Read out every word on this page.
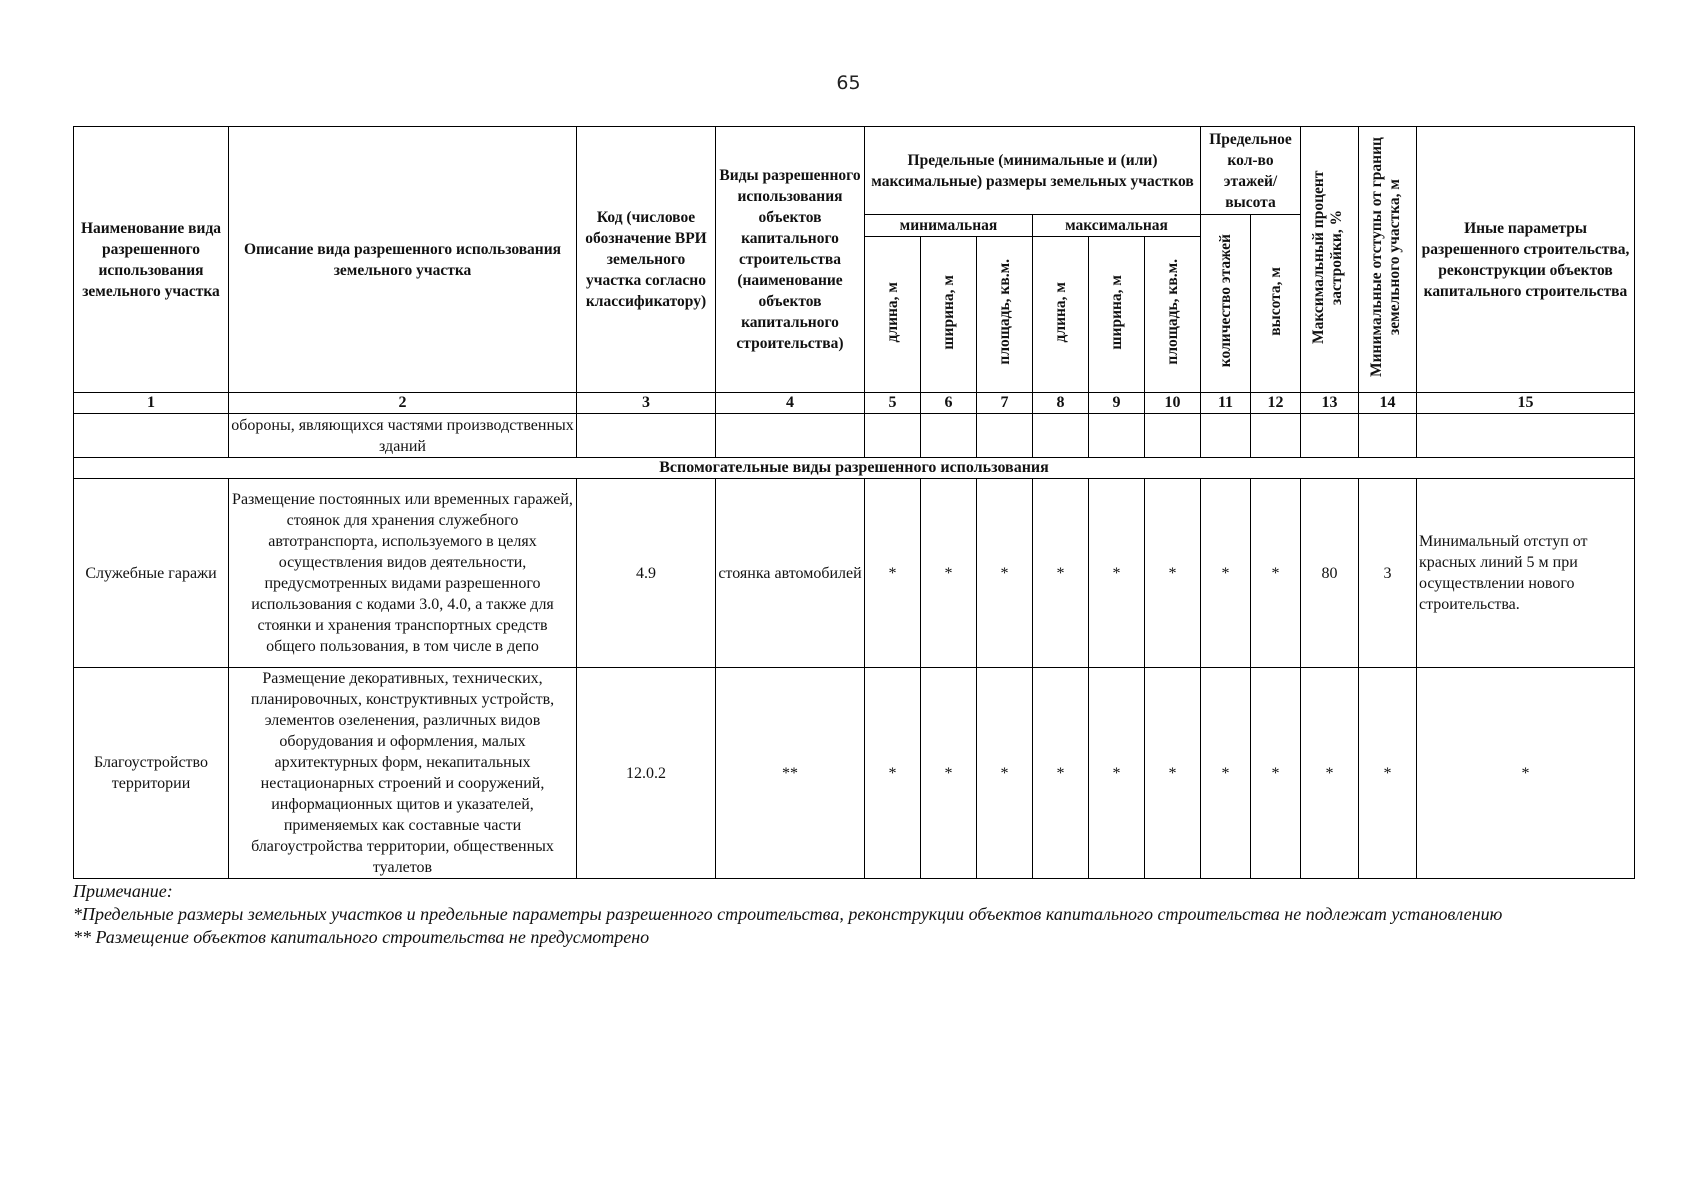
65
Наименование вида разрешенного использования земельного участка	Описание вида разрешенного использования земельного участка	Код (числовое обозначение ВРИ земельного участка согласно классификатору)	Виды разрешенного использования объектов капитального строительства (наименование объектов капитального строительства)	Предельные (минимальные и (или) максимальные) размеры земельных участков						Предельное кол-во этажей/ высота		Максимальный процент застройки, %	Минимальные отступы от границ земельного участка, м	Иные параметры разрешенного строительства, реконструкции объектов капитального строительства
				минимальная			максимальная			количество этажей	высота, м			
				длина, м	ширина, м	площадь, кв.м.	длина, м	ширина, м	площадь, кв.м.					
1	2	3	4	5	6	7	8	9	10	11	12	13	14	15
	обороны, являющихся частями производственных зданий													
Вспомогательные виды разрешенного использования														
Служебные гаражи	Размещение постоянных или временных гаражей, стоянок для хранения служебного автотранспорта, используемого в целях осуществления видов деятельности, предусмотренных видами разрешенного использования с кодами 3.0, 4.0, а также для стоянки и хранения транспортных средств общего пользования, в том числе в депо	4.9	стоянка автомобилей	*	*	*	*	*	*	*	*	80	3	Минимальный отступ от красных линий 5 м при осуществлении нового строительства.
Благоустройство территории	Размещение декоративных, технических, планировочных, конструктивных устройств, элементов озеленения, различных видов оборудования и оформления, малых архитектурных форм, некапитальных нестационарных строений и сооружений, информационных щитов и указателей, применяемых как составные части благоустройства территории, общественных туалетов	12.0.2	**	*	*	*	*	*	*	*	*	*	*	*
Примечание:
*Предельные размеры земельных участков и предельные параметры разрешенного строительства, реконструкции объектов капитального строительства не подлежат установлению
** Размещение объектов капитального строительства не предусмотрено
